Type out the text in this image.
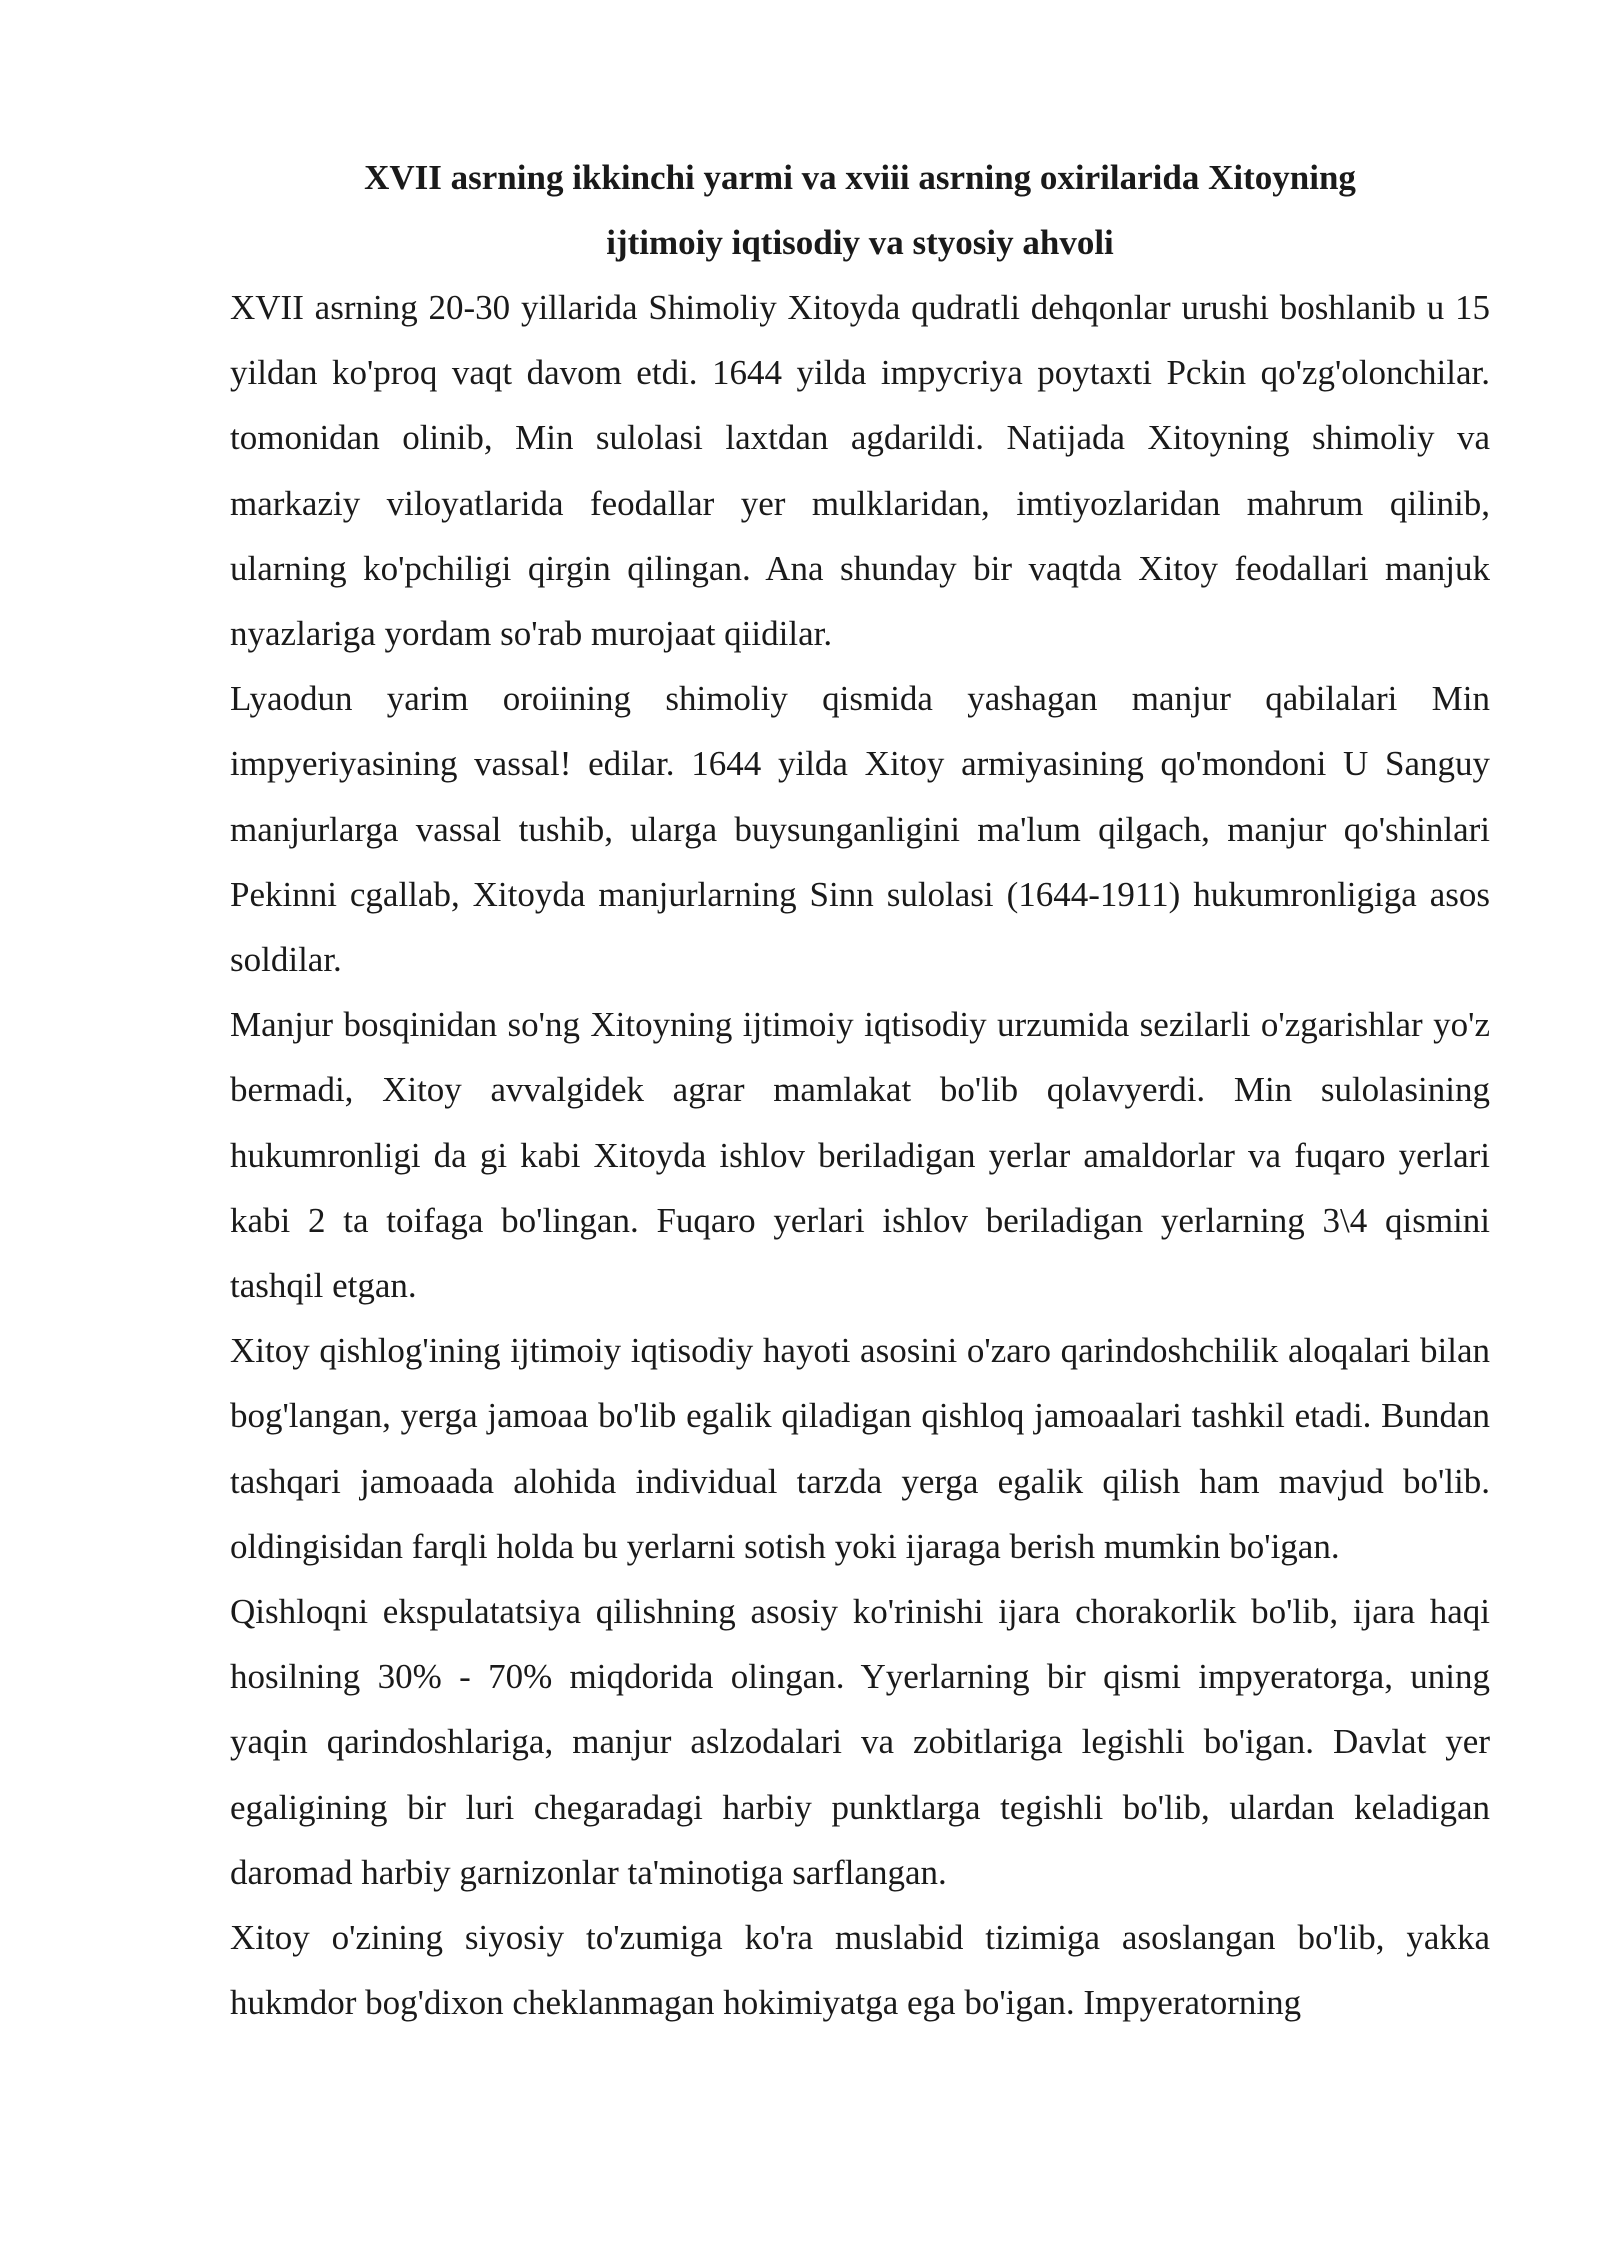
XVII asrning ikkinchi yarmi va xviii asrning oxirilarida Xitoyning
ijtimoiy iqtisodiy va styosiy ahvoli

XVII asrning 20-30 yillarida Shimoliy Xitoyda qudratli dehqonlar urushi boshlanib u 15 yildan ko'proq vaqt davom etdi. 1644 yilda impycriya poytaxti Pckin qo'zg'olonchilar. tomonidan olinib, Min sulolasi laxtdan agdarildi. Natijada Xitoyning shimoliy va markaziy viloyatlarida feodallar yer mulklaridan, imtiyozlaridan mahrum qilinib, ularning ko'pchiligi qirgin qilingan. Ana shunday bir vaqtda Xitoy feodallari manjuk nyazlariga yordam so'rab murojaat qiidilar.

Lyaodun yarim oroiining shimoliy qismida yashagan manjur qabilalari Min impyeriyasining vassal! edilar. 1644 yilda Xitoy armiyasining qo'mondoni U Sanguy manjurlarga vassal tushib, ularga buysunganligini ma'lum qilgach, manjur qo'shinlari Pekinni cgallab, Xitoyda manjurlarning Sinn sulolasi (1644-1911) hukumronligiga asos soldilar.

Manjur bosqinidan so'ng Xitoyning ijtimoiy iqtisodiy urzumida sezilarli o'zgarishlar yo'z bermadi, Xitoy avvalgidek agrar mamlakat bo'lib qolavyerdi. Min sulolasining hukumronligi da gi kabi Xitoyda ishlov beriladigan yerlar amaldorlar va fuqaro yerlari kabi 2 ta toifaga bo'lingan. Fuqaro yerlari ishlov beriladigan yerlarning 3\4 qismini tashqil etgan.

Xitoy qishlog'ining ijtimoiy iqtisodiy hayoti asosini o'zaro qarindoshchilik aloqalari bilan bog'langan, yerga jamoaa bo'lib egalik qiladigan qishloq jamoaalari tashkil etadi. Bundan tashqari jamoaada alohida individual tarzda yerga egalik qilish ham mavjud bo'lib. oldingisidan farqli holda bu yerlarni sotish yoki ijaraga berish mumkin bo'igan.

Qishloqni ekspulatatsiya qilishning asosiy ko'rinishi ijara chorakorlik bo'lib, ijara haqi hosilning 30% - 70% miqdorida olingan. Yyerlarning bir qismi impyeratorga, uning yaqin qarindoshlariga, manjur aslzodalari va zobitlariga legishli bo'igan. Davlat yer egaligining bir luri chegaradagi harbiy punktlarga tegishli bo'lib, ulardan keladigan daromad harbiy garnizonlar ta'minotiga sarflangan.

Xitoy o'zining siyosiy to'zumiga ko'ra muslabid tizimiga asoslangan bo'lib, yakka hukmdor bog'dixon cheklanmagan hokimiyatga ega bo'igan. Impyeratorning
